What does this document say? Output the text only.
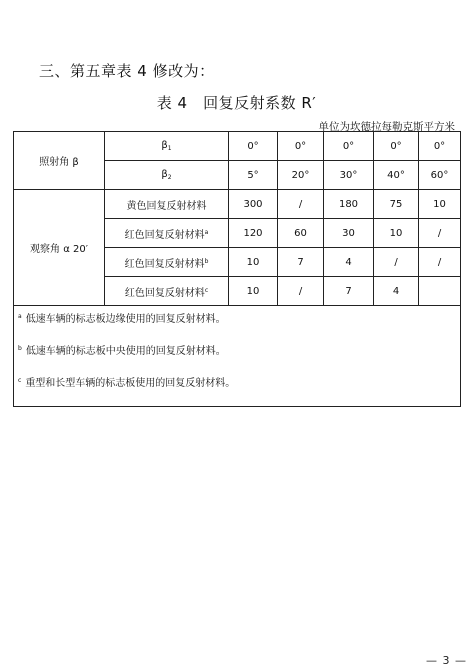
三、第五章表 4 修改为：
表 4　回复反射系数 R′
单位为坎德拉每勒克斯平方米
照射角 β	$\beta_1$	0°	0°	0°	0°	0°
	$\beta_2$	5°	20°	30°	40°	60°
观察角 α 20′	黄色回复反射材料	300	/	180	75	10
	红色回复反射材料$^a$	120	60	30	10	/
	红色回复反射材料$^b$	10	7	4	/	/
	红色回复反射材料$^c$	10	/	7	4	

$^a$ 低速车辆的标志板边缘使用的回复反射材料。
$^b$ 低速车辆的标志板中央使用的回复反射材料。
$^c$ 重型和长型车辆的标志板使用的回复反射材料。						
— 3 —
